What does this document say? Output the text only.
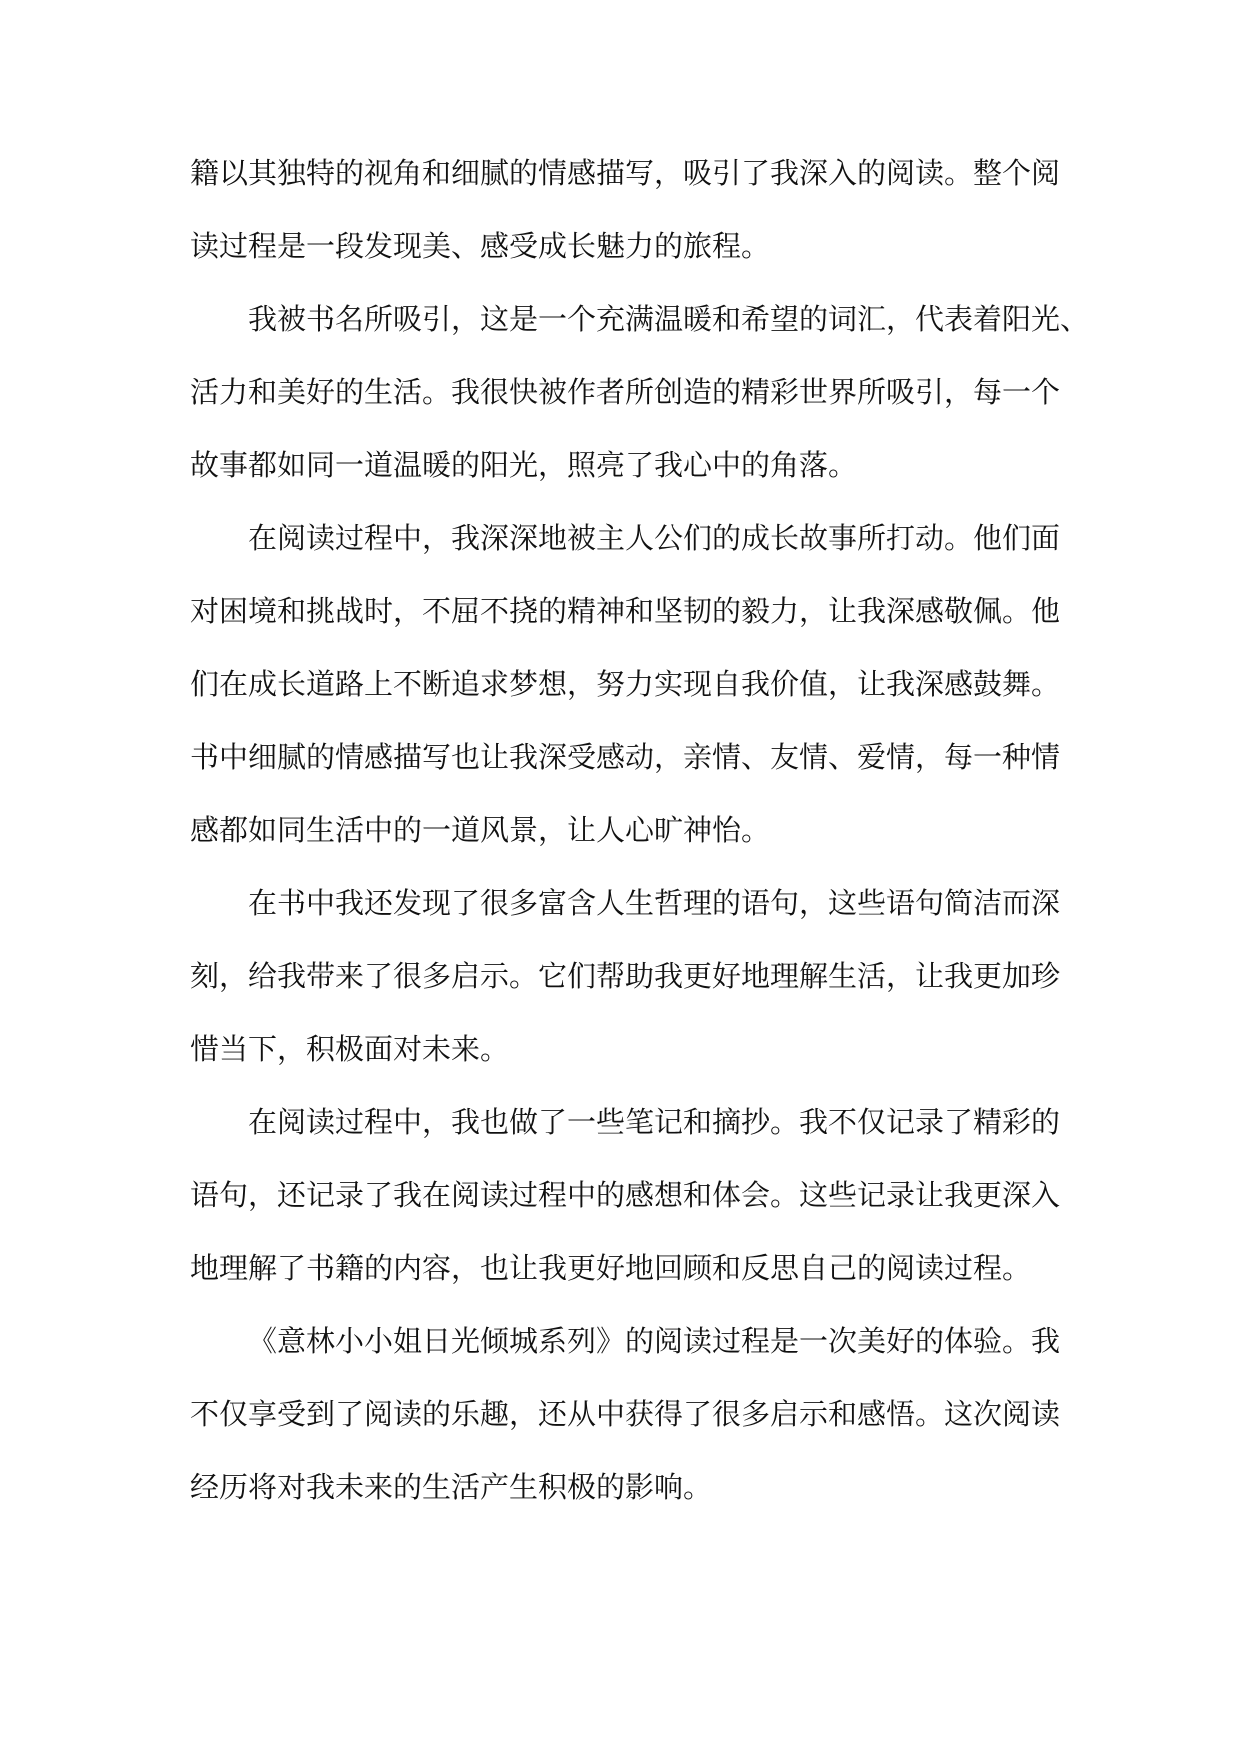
籍以其独特的视角和细腻的情感描写，吸引了我深入的阅读。整个阅
读过程是一段发现美、感受成长魅力的旅程。
我被书名所吸引，这是一个充满温暖和希望的词汇，代表着阳光、
活力和美好的生活。我很快被作者所创造的精彩世界所吸引，每一个
故事都如同一道温暖的阳光，照亮了我心中的角落。
在阅读过程中，我深深地被主人公们的成长故事所打动。他们面
对困境和挑战时，不屈不挠的精神和坚韧的毅力，让我深感敬佩。他
们在成长道路上不断追求梦想，努力实现自我价值，让我深感鼓舞。
书中细腻的情感描写也让我深受感动，亲情、友情、爱情，每一种情
感都如同生活中的一道风景，让人心旷神怡。
在书中我还发现了很多富含人生哲理的语句，这些语句简洁而深
刻，给我带来了很多启示。它们帮助我更好地理解生活，让我更加珍
惜当下，积极面对未来。
在阅读过程中，我也做了一些笔记和摘抄。我不仅记录了精彩的
语句，还记录了我在阅读过程中的感想和体会。这些记录让我更深入
地理解了书籍的内容，也让我更好地回顾和反思自己的阅读过程。
《意林小小姐日光倾城系列》的阅读过程是一次美好的体验。我
不仅享受到了阅读的乐趣，还从中获得了很多启示和感悟。这次阅读
经历将对我未来的生活产生积极的影响。
